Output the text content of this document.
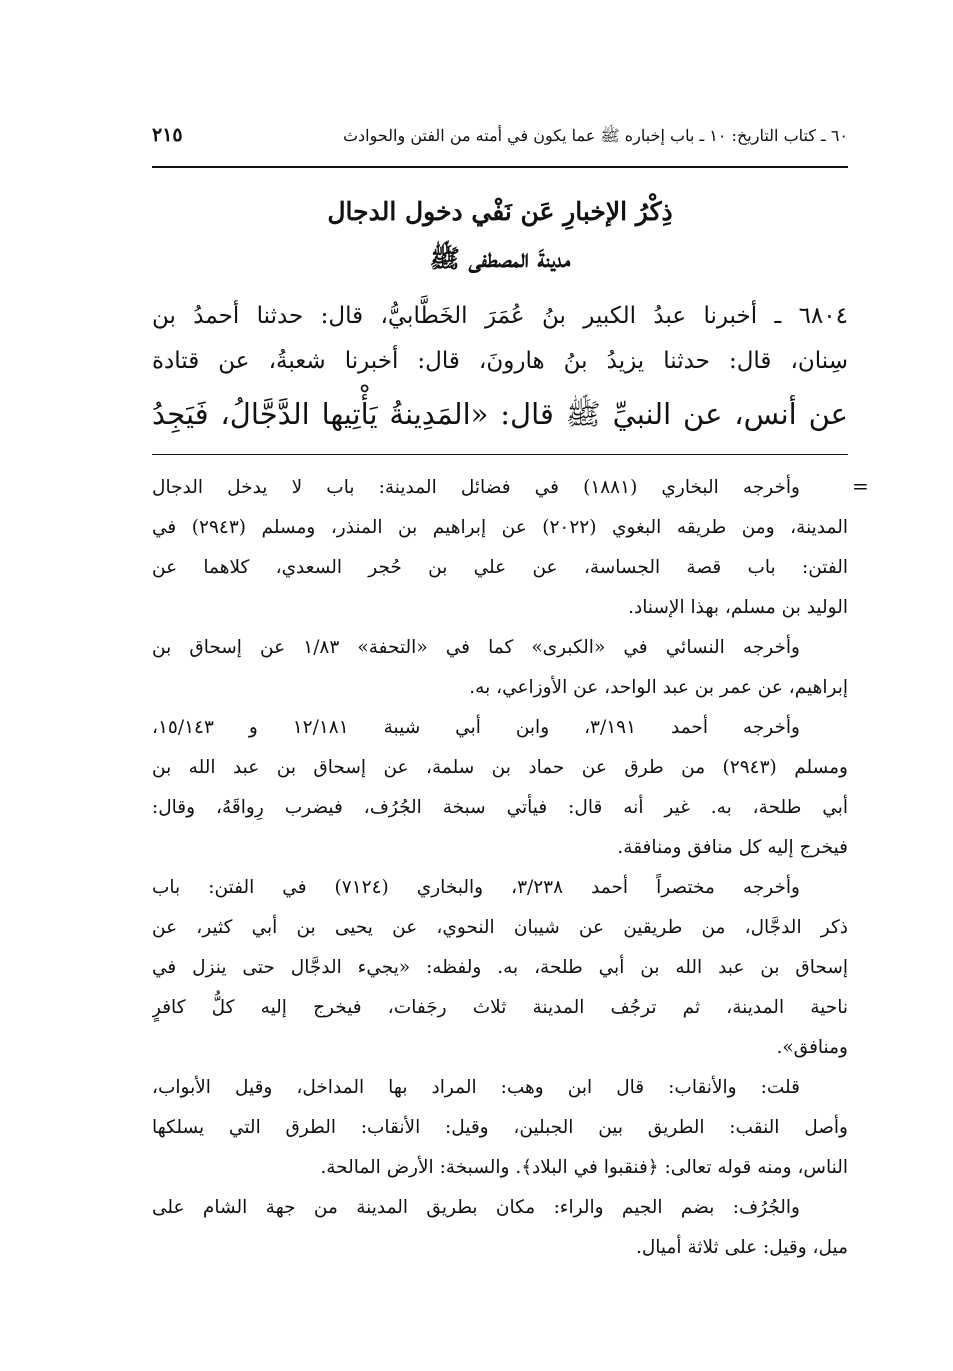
٦٠ ـ كتاب التاريخ: ١٠ ـ باب إخباره ﷺ عما يكون في أمته من الفتن والحوادث
٢١٥
ذِكْرُ الإخبارِ عَن نَفْي دخول الدجال
مدينةَ المصطفى ﷺ
٦٨٠٤ ـ أخبرنا عبدُ الكبير بنُ عُمَرَ الخَطَّابيُّ، قال: حدثنا أحمدُ بن
سِنان، قال: حدثنا يزيدُ بنُ هارونَ، قال: أخبرنا شعبةُ، عن قتادة
عن أنس، عن النبيِّ ﷺ قال: «المَدِينةُ يَأْتِيها الدَّجَّالُ، فَيَجِدُ
=

وأخرجه البخاري (١٨٨١) في فضائل المدينة: باب لا يدخل الدجال
المدينة، ومن طريقه البغوي (٢٠٢٢) عن إبراهيم بن المنذر، ومسلم (٢٩٤٣) في
الفتن: باب قصة الجساسة، عن علي بن حُجر السعدي، كلاهما عن
الوليد بن مسلم، بهذا الإسناد.

وأخرجه النسائي في «الكبرى» كما في «التحفة» ١/٨٣ عن إسحاق بن
إبراهيم، عن عمر بن عبد الواحد، عن الأوزاعي، به.

وأخرجه أحمد ٣/١٩١، وابن أبي شيبة ١٢/١٨١ و ١٥/١٤٣،
ومسلم (٢٩٤٣) من طرق عن حماد بن سلمة، عن إسحاق بن عبد الله بن
أبي طلحة، به. غير أنه قال: فيأتي سبخة الجُرُف، فيضرب رِواقَهُ، وقال:
فيخرج إليه كل منافق ومنافقة.

وأخرجه مختصراً أحمد ٣/٢٣٨، والبخاري (٧١٢٤) في الفتن: باب
ذكر الدجَّال، من طريقين عن شيبان النحوي، عن يحيى بن أبي كثير، عن
إسحاق بن عبد الله بن أبي طلحة، به. ولفظه: «يجيء الدجَّال حتى ينزل في
ناحية المدينة، ثم ترجُف المدينة ثلاث رجَفات، فيخرج إليه كلُّ كافرٍ
ومنافق».

قلت: والأنقاب: قال ابن وهب: المراد بها المداخل، وقيل الأبواب،
وأصل النقب: الطريق بين الجبلين، وقيل: الأنقاب: الطرق التي يسلكها
الناس، ومنه قوله تعالى: ﴿فنقبوا في البلاد﴾. والسبخة: الأرض المالحة.

والجُرُف: بضم الجيم والراء: مكان بطريق المدينة من جهة الشام على
ميل، وقيل: على ثلاثة أميال.
